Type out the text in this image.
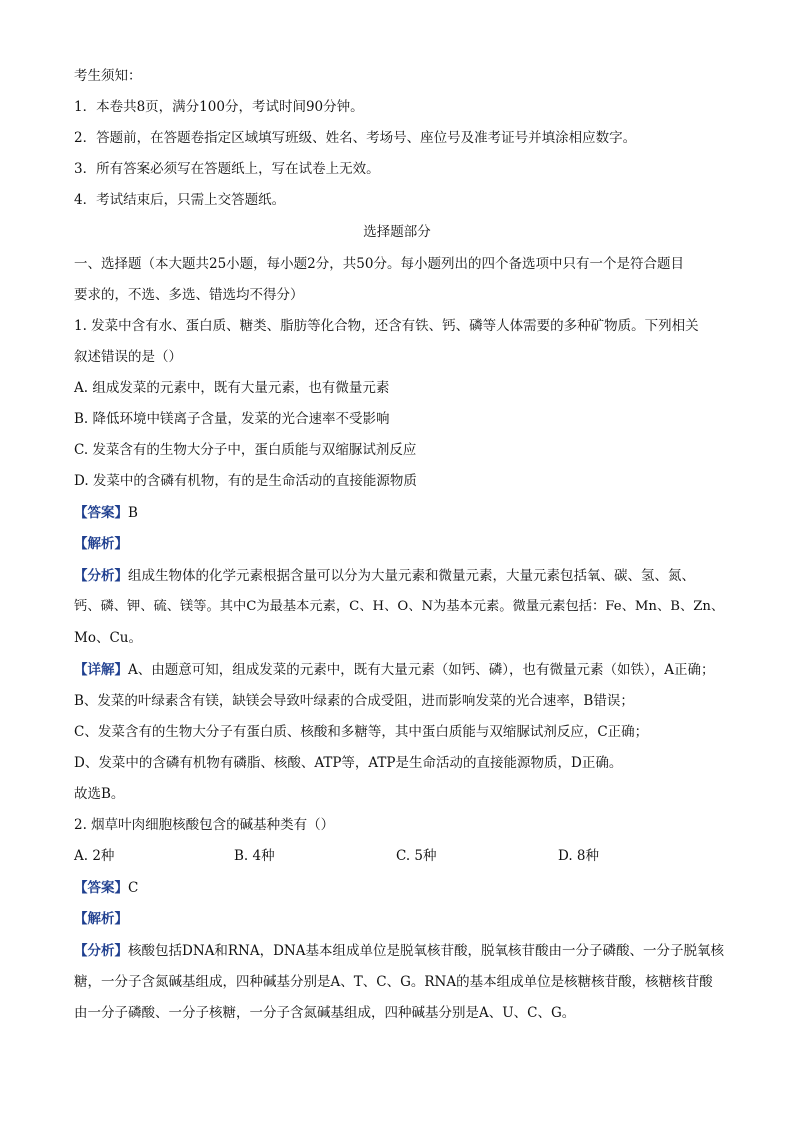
考生须知：
1．本卷共8页，满分100分，考试时间90分钟。
2．答题前，在答题卷指定区域填写班级、姓名、考场号、座位号及准考证号并填涂相应数字。
3．所有答案必须写在答题纸上，写在试卷上无效。
4．考试结束后，只需上交答题纸。
选择题部分
一、选择题（本大题共25小题，每小题2分，共50分。每小题列出的四个备选项中只有一个是符合题目
要求的，不选、多选、错选均不得分）
1. 发菜中含有水、蛋白质、糖类、脂肪等化合物，还含有铁、钙、磷等人体需要的多种矿物质。下列相关
叙述错误的是（）
A. 组成发菜的元素中，既有大量元素，也有微量元素
B. 降低环境中镁离子含量，发菜的光合速率不受影响
C. 发菜含有的生物大分子中，蛋白质能与双缩脲试剂反应
D. 发菜中的含磷有机物，有的是生命活动的直接能源物质
【答案】B
【解析】
【分析】组成生物体的化学元素根据含量可以分为大量元素和微量元素，大量元素包括氧、碳、氢、氮、
钙、磷、钾、硫、镁等。其中C为最基本元素，C、H、O、N为基本元素。微量元素包括：Fe、Mn、B、Zn、
Mo、Cu。
【详解】A、由题意可知，组成发菜的元素中，既有大量元素（如钙、磷），也有微量元素（如铁），A正确；
B、发菜的叶绿素含有镁，缺镁会导致叶绿素的合成受阻，进而影响发菜的光合速率，B错误；
C、发菜含有的生物大分子有蛋白质、核酸和多糖等，其中蛋白质能与双缩脲试剂反应，C正确；
D、发菜中的含磷有机物有磷脂、核酸、ATP等，ATP是生命活动的直接能源物质，D正确。
故选B。
2. 烟草叶肉细胞核酸包含的碱基种类有（）
A. 2种	B. 4种	C. 5种	D. 8种
【答案】C
【解析】
【分析】核酸包括DNA和RNA，DNA基本组成单位是脱氧核苷酸，脱氧核苷酸由一分子磷酸、一分子脱氧核
糖，一分子含氮碱基组成，四种碱基分别是A、T、C、G。RNA的基本组成单位是核糖核苷酸，核糖核苷酸
由一分子磷酸、一分子核糖，一分子含氮碱基组成，四种碱基分别是A、U、C、G。
